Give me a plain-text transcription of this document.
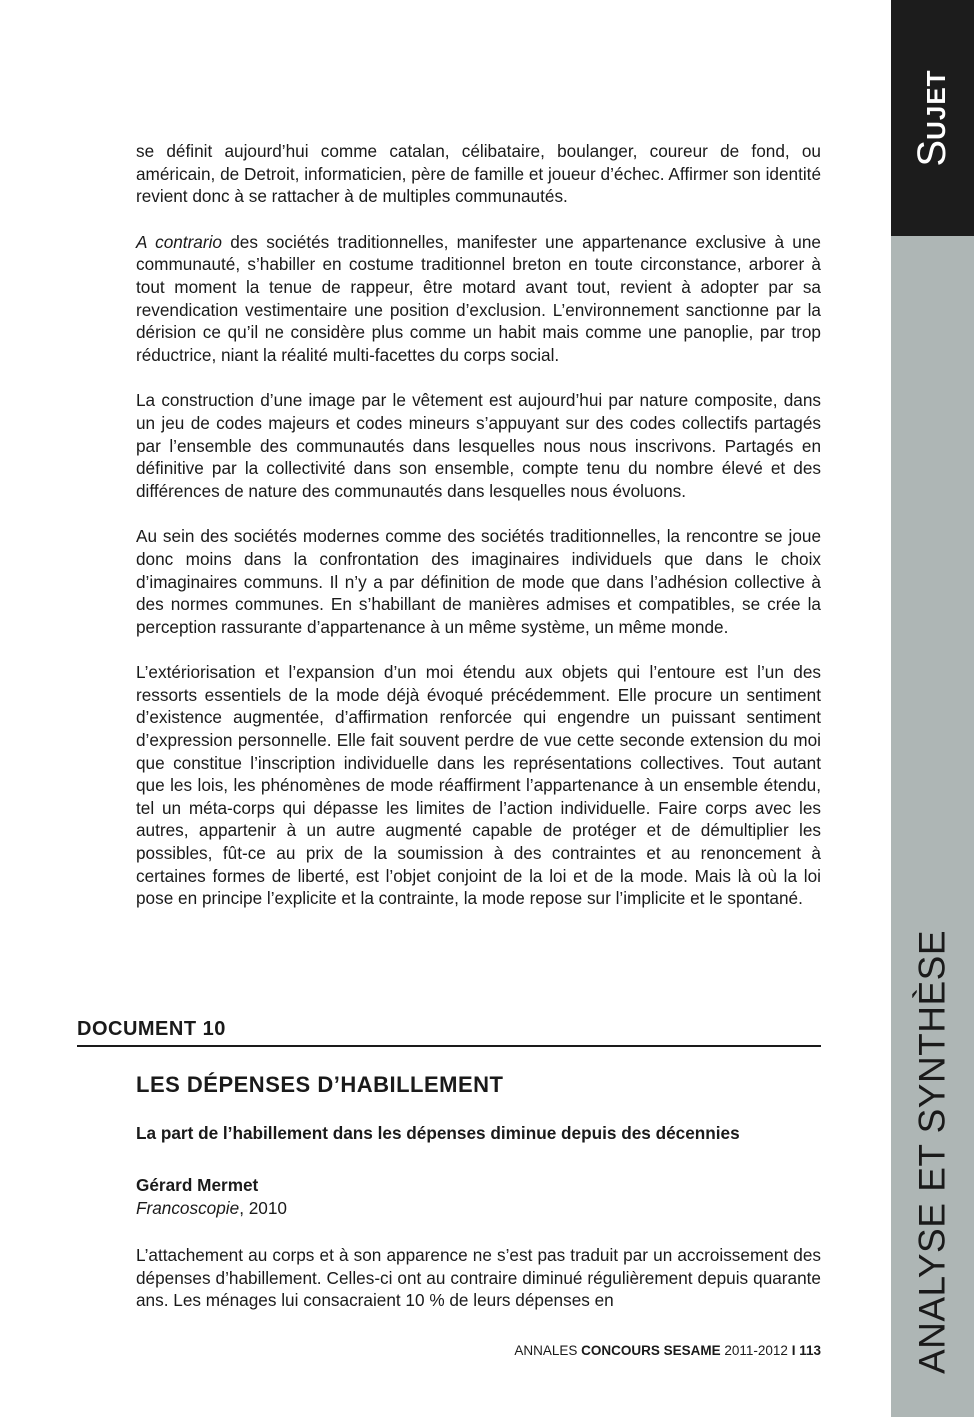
SUJET
ANALYSE ET SYNTHÈSE

se définit aujourd’hui comme catalan, célibataire, boulanger, coureur de fond, ou américain, de Detroit, informaticien, père de famille et joueur d’échec. Affirmer son identité revient donc à se rattacher à de multiples communautés.

A contrario des sociétés traditionnelles, manifester une appartenance exclusive à une communauté, s’habiller en costume traditionnel breton en toute circonstance, arborer à tout moment la tenue de rappeur, être motard avant tout, revient à adopter par sa revendication vestimentaire une position d’exclusion. L’environnement sanctionne par la dérision ce qu’il ne considère plus comme un habit mais comme une panoplie, par trop réductrice, niant la réalité multi-facettes du corps social.

La construction d’une image par le vêtement est aujourd’hui par nature composite, dans un jeu de codes majeurs et codes mineurs s’appuyant sur des codes collectifs partagés par l’ensemble des communautés dans lesquelles nous nous inscrivons. Partagés en définitive par la collectivité dans son ensemble, compte tenu du nombre élevé et des différences de nature des communautés dans lesquelles nous évoluons.

Au sein des sociétés modernes comme des sociétés traditionnelles, la rencontre se joue donc moins dans la confrontation des imaginaires individuels que dans le choix d’imaginaires communs. Il n’y a par définition de mode que dans l’adhésion collective à des normes communes. En s’habillant de manières admises et compatibles, se crée la perception rassurante d’appartenance à un même système, un même monde.

L’extériorisation et l’expansion d’un moi étendu aux objets qui l’entoure est l’un des ressorts essentiels de la mode déjà évoqué précédemment. Elle procure un sentiment d’existence augmentée, d’affirmation renforcée qui engendre un puissant sentiment d’expression personnelle. Elle fait souvent perdre de vue cette seconde extension du moi que constitue l’inscription individuelle dans les représentations collectives. Tout autant que les lois, les phénomènes de mode réaffirment l’appartenance à un ensemble étendu, tel un méta-corps qui dépasse les limites de l’action individuelle. Faire corps avec les autres, appartenir à un autre augmenté capable de protéger et de démultiplier les possibles, fût-ce au prix de la soumission à des contraintes et au renoncement à certaines formes de liberté, est l’objet conjoint de la loi et de la mode. Mais là où la loi pose en principe l’explicite et la contrainte, la mode repose sur l’implicite et le spontané.

DOCUMENT 10
LES DÉPENSES D’HABILLEMENT
La part de l’habillement dans les dépenses diminue depuis des décennies
Gérard Mermet
Francoscopie, 2010

L’attachement au corps et à son apparence ne s’est pas traduit par un accroissement des dépenses d’habillement. Celles-ci ont au contraire diminué régulièrement depuis quarante ans. Les ménages lui consacraient 10 % de leurs dépenses en

ANNALES CONCOURS SESAME 2011-2012 I 113
